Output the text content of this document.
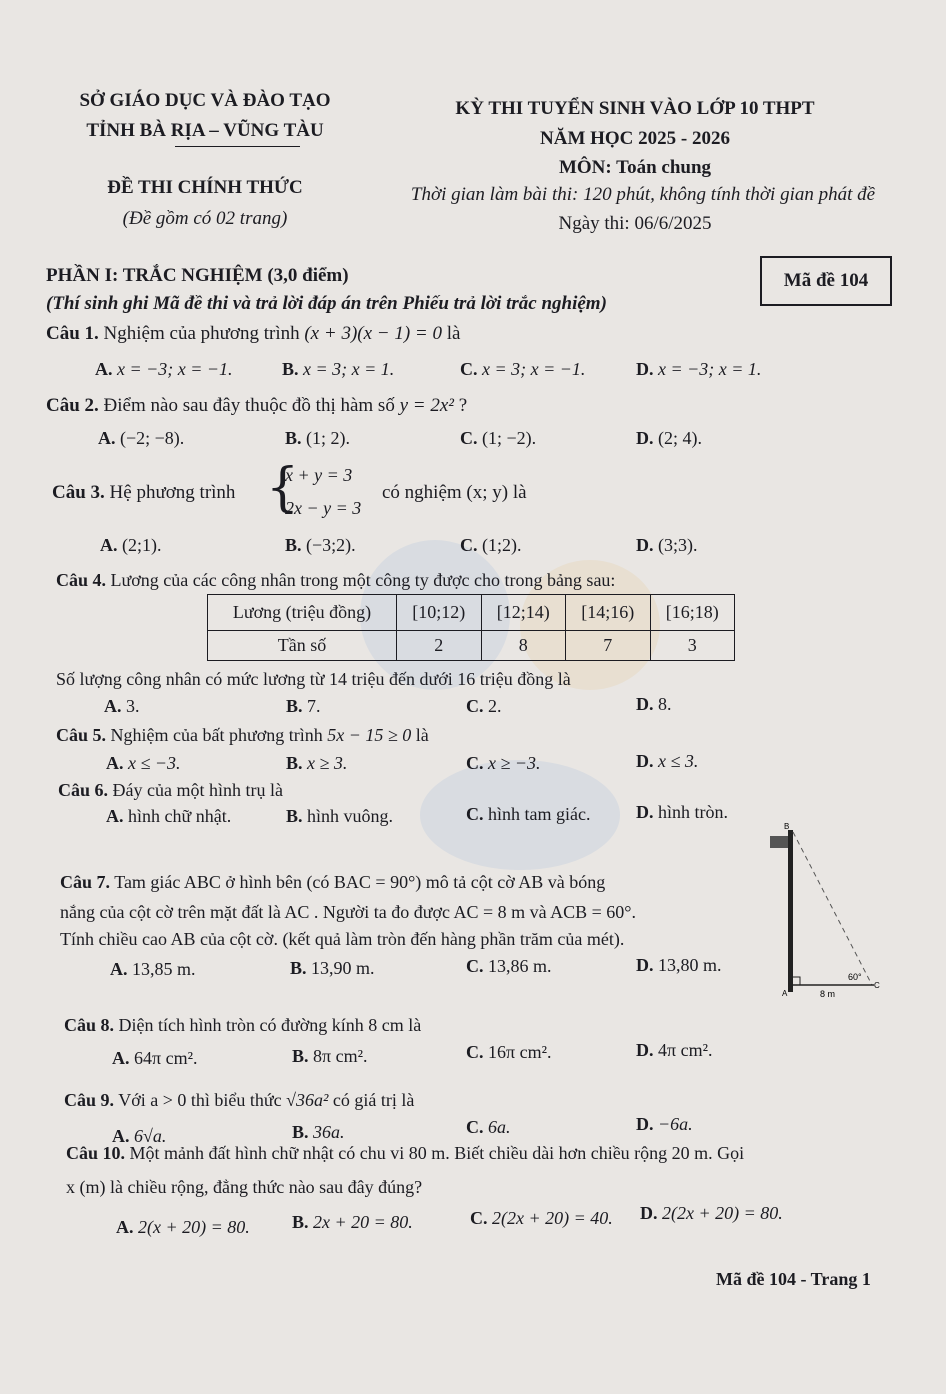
SỞ GIÁO DỤC VÀ ĐÀO TẠO
TỈNH BÀ RỊA – VŨNG TÀU
ĐỀ THI CHÍNH THỨC
(Đề gồm có 02 trang)
KỲ THI TUYỂN SINH VÀO LỚP 10 THPT
NĂM HỌC 2025 - 2026
MÔN: Toán chung
Thời gian làm bài thi: 120 phút, không tính thời gian phát đề
Ngày thi: 06/6/2025
PHẦN I: TRẮC NGHIỆM (3,0 điểm)
(Thí sinh ghi Mã đề thi và trả lời đáp án trên Phiếu trả lời trắc nghiệm)
Mã đề 104
Câu 1. Nghiệm của phương trình (x + 3)(x − 1) = 0 là
A. x = −3; x = −1.	B. x = 3; x = 1.	C. x = 3; x = −1.	D. x = −3; x = 1.
Câu 2. Điểm nào sau đây thuộc đồ thị hàm số y = 2x² ?
A. (−2; −8).	B. (1; 2).	C. (1; −2).	D. (2; 4).
Câu 3. Hệ phương trình {
x + y = 3
2x − y = 3
có nghiệm (x; y) là
A. (2;1).	B. (−3;2).	C. (1;2).	D. (3;3).
Câu 4. Lương của các công nhân trong một công ty được cho trong bảng sau:
Lương (triệu đồng)	[10;12)	[12;14)	[14;16)	[16;18)
Tần số	2	8	7	3
Số lượng công nhân có mức lương từ 14 triệu đến dưới 16 triệu đồng là
A. 3.	B. 7.	C. 2.	D. 8.
Câu 5. Nghiệm của bất phương trình 5x − 15 ≥ 0 là
A. x ≤ −3.	B. x ≥ 3.	C. x ≥ −3.	D. x ≤ 3.
Câu 6. Đáy của một hình trụ là
A. hình chữ nhật.	B. hình vuông.	C. hình tam giác.	D. hình tròn.
Câu 7. Tam giác ABC ở hình bên (có BAC = 90°) mô tả cột cờ AB và bóng
nắng của cột cờ trên mặt đất là AC . Người ta đo được AC = 8 m và ACB = 60°.
Tính chiều cao AB của cột cờ. (kết quả làm tròn đến hàng phần trăm của mét).
A. 13,85 m.	B. 13,90 m.	C. 13,86 m.	D. 13,80 m.
B
A
C
60°
8 m
Câu 8. Diện tích hình tròn có đường kính 8 cm là
A. 64π cm².	B. 8π cm².	C. 16π cm².	D. 4π cm².
Câu 9. Với a > 0 thì biểu thức √36a² có giá trị là
A. 6√a.	B. 36a.	C. 6a.	D. −6a.
Câu 10. Một mảnh đất hình chữ nhật có chu vi 80 m. Biết chiều dài hơn chiều rộng 20 m. Gọi
x (m) là chiều rộng, đẳng thức nào sau đây đúng?
A. 2(x + 20) = 80. B. 2x + 20 = 80.	C. 2(2x + 20) = 40. D. 2(2x + 20) = 80.
Mã đề 104 - Trang 1
